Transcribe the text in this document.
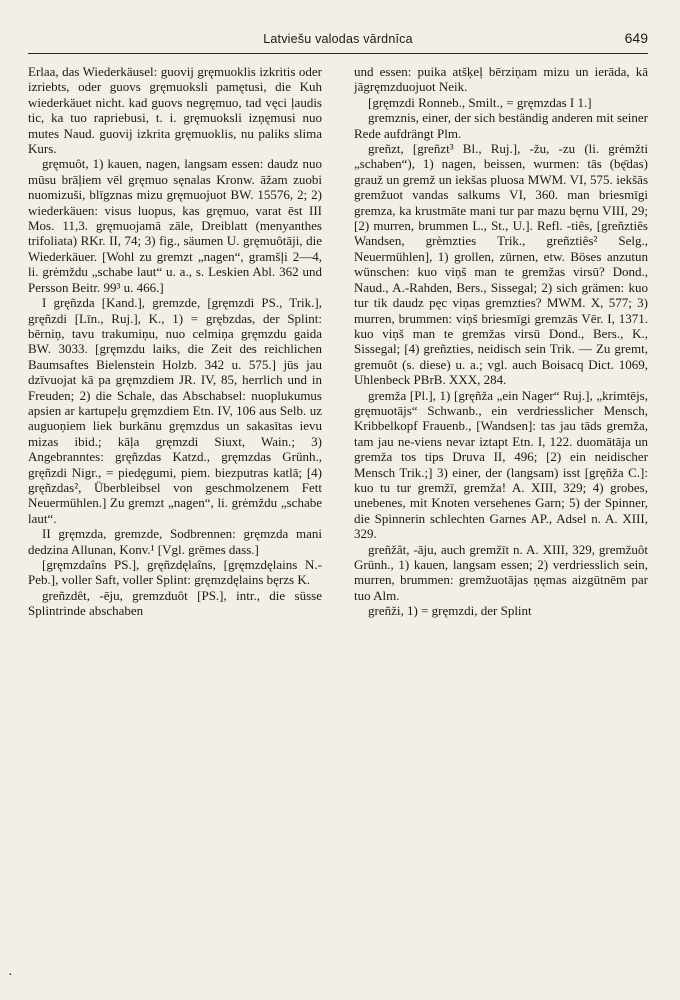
Latviešu valodas vārdnīca	649

Erlaa, das Wiederkäusel: guovij gręmuoklis izkritis oder izriebts, oder guovs gręmuoksli pamętusi, die Kuh wiederkäuet nicht. kad guovs negręmuo, tad vęci ļaudis tic, ka tuo rapriebusi, t. i. gręmuoksli izņęmusi nuo mutes Naud. guovij izkrita gręmuoklis, nu paliks slima Kurs.

gręmuôt, 1) kauen, nagen, langsam essen: daudz nuo mūsu brāļiem vēl gręmuo sęnalas Kronw. āžam zuobi nuomizuši, blīgznas mizu gręmuojuot BW. 15576, 2; 2) wiederkäuen: visus luopus, kas gręmuo, varat ēst III Mos. 11,3. gręmuojamā zāle, Dreiblatt (menyanthes trifoliata) RKr. II, 74; 3) fig., säumen U. gręmuôtāji, die Wiederkäuer. [Wohl zu gremzt „nagen“, gramšļi 2—4, li. grėmždu „schabe laut“ u. a., s. Leskien Abl. 362 und Persson Beitr. 99³ u. 466.]

I gręñzda [Kand.], gremzde, [gręmzdi PS., Trik.], gręñzdi [Līn., Ruj.], K., 1) = grębzdas, der Splint: bērniņ, tavu trakumiņu, nuo celmiņa gręmzdu gaida BW. 3033. [gręmzdu laiks, die Zeit des reichlichen Baumsaftes Bielenstein Holzb. 342 u. 575.] jūs jau dzīvuojat kā pa gręmzdiem JR. IV, 85, herrlich und in Freuden; 2) die Schale, das Abschabsel: nuoplukumus apsien ar kartupeļu gręmzdiem Etn. IV, 106 aus Selb. uz auguoņiem liek burkānu gręmzdus un sakasītas ievu mizas ibid.; kāļa gręmzdi Siuxt, Wain.; 3) Angebranntes: gręñzdas Katzd., gręmzdas Grünh., gręñzdi Nigr., = piedęgumi, piem. biezputras katlā; [4) gręñzdas², Überbleibsel von geschmolzenem Fett Neuermühlen.] Zu gremzt „nagen“, li. grėmždu „schabe laut“.

II gręmzda, gremzde, Sodbrennen: gręmzda mani dedzina Allunan, Konv.¹ [Vgl. grēmes dass.]

[gręmzdaîns PS.], gręñzdęlaîns, [gręmzdęlains N.-Peb.], voller Saft, voller Splint: gręmzdęlains bęrzs K.

greñzdêt, -ēju, gremzduôt [PS.], intr., die süsse Splintrinde abschaben

und essen: puika atšķeļ bērziņam mizu un ierāda, kā jāgręmzduojuot Neik.

[gręmzdi Ronneb., Smilt., = gręmzdas I 1.]

gremznis, einer, der sich beständig anderen mit seiner Rede aufdrängt Plm.

greñzt, [greñzt³ Bl., Ruj.], -žu, -zu (li. grėmžti „schaben“), 1) nagen, beissen, wurmen: tās (bę̄das) grauž un gremž un iekšas pluosa MWM. VI, 575. iekšās gremžuot vandas salkums VI, 360. man briesmīgi gremza, ka krustmāte mani tur par mazu bęrnu VIII, 29; [2) murren, brummen L., St., U.]. Refl. -tiês, [greñztiês Wandsen, grèmzties Trik., greñztiês² Selg., Neuermühlen], 1) grollen, zürnen, etw. Böses anzutun wünschen: kuo viņš man te gremžas virsū? Dond., Naud., A.-Rahden, Bers., Sissegal; 2) sich grämen: kuo tur tik daudz pęc viņas gremzties? MWM. X, 577; 3) murren, brummen: viņš briesmīgi gremzās Vēr. I, 1371. kuo viņš man te gremžas virsū Dond., Bers., K., Sissegal; [4) greñzties, neidisch sein Trik. — Zu gremt, gremuôt (s. diese) u. a.; vgl. auch Boisacq Dict. 1069, Uhlenbeck PBrB. XXX, 284.

gremža [Pl.], 1) [gręñža „ein Nager“ Ruj.], „krimtējs, gręmuotājs“ Schwanb., ein verdriesslicher Mensch, Kribbelkopf Frauenb., [Wandsen]: tas jau tāds gremža, tam jau ne-viens nevar iztapt Etn. I, 122. duomātāja un gremža tos tips Druva II, 496; [2) ein neidischer Mensch Trik.;] 3) einer, der (langsam) isst [gręñža C.]: kuo tu tur gremžī, gremža! A. XIII, 329; 4) grobes, unebenes, mit Knoten versehenes Garn; 5) der Spinner, die Spinnerin schlechten Garnes AP., Adsel n. A. XIII, 329.

greñžât, -āju, auch gremžīt n. A. XIII, 329, gremžuôt Grünh., 1) kauen, langsam essen; 2) verdriesslich sein, murren, brummen: gremžuotājas ņęmas aizgūtnēm par tuo Alm.

greñži, 1) = gręmzdi, der Splint

·
